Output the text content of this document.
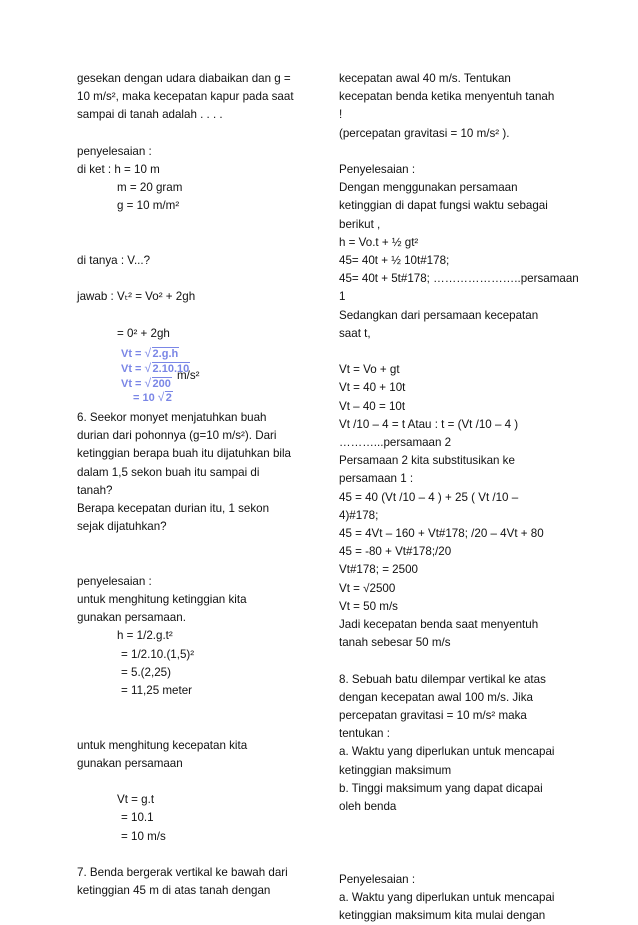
gesekan dengan udara diabaikan dan g =
10 m/s², maka kecepatan kapur pada saat
sampai di tanah adalah . . . .
penyelesaian :
di ket : h = 10 m
m = 20 gram
g = 10 m/m²
di tanya : V...?
jawab : Vₜ² = Vo² + 2gh
= 0² + 2gh
Vt = √ 2.g.h
Vt = √ 2.10.10
Vt = √ 200
= 10 √ 2
m/s²
6. Seekor monyet menjatuhkan buah
durian dari pohonnya (g=10 m/s²). Dari
ketinggian berapa buah itu dijatuhkan bila
dalam 1,5 sekon buah itu sampai di
tanah?
Berapa kecepatan durian itu, 1 sekon
sejak dijatuhkan?
penyelesaian :
untuk menghitung ketinggian kita
gunakan persamaan.
h = 1/2.g.t²
= 1/2.10.(1,5)²
= 5.(2,25)
= 11,25 meter
untuk menghitung kecepatan kita
gunakan persamaan
Vt = g.t
= 10.1
= 10 m/s
7. Benda bergerak vertikal ke bawah dari
ketinggian 45 m di atas tanah dengan
kecepatan awal 40 m/s. Tentukan
kecepatan benda ketika menyentuh tanah
!
(percepatan gravitasi = 10 m/s² ).
Penyelesaian :
Dengan menggunakan persamaan
ketinggian di dapat fungsi waktu sebagai
berikut ,
h = Vo.t + ½ gt²
45= 40t + ½ 10t#178;
45= 40t + 5t#178; …………………..persamaan
1
Sedangkan dari persamaan kecepatan
saat t,
Vt = Vo + gt
Vt = 40 + 10t
Vt – 40 = 10t
Vt /10 – 4 = t Atau : t = (Vt /10 – 4 )
………...persamaan 2
Persamaan 2 kita substitusikan ke
persamaan 1 :
45 = 40 (Vt /10 – 4 ) + 25 ( Vt /10 –
4)#178;
45 = 4Vt – 160 + Vt#178; /20 – 4Vt + 80
45 = -80 + Vt#178;/20
Vt#178; = 2500
Vt = √2500
Vt = 50 m/s
Jadi kecepatan benda saat menyentuh
tanah sebesar 50 m/s
8. Sebuah batu dilempar vertikal ke atas
dengan kecepatan awal 100 m/s. Jika
percepatan gravitasi = 10 m/s² maka
tentukan :
a. Waktu yang diperlukan untuk mencapai
ketinggian maksimum
b. Tinggi maksimum yang dapat dicapai
oleh benda
Penyelesaian :
a. Waktu yang diperlukan untuk mencapai
ketinggian maksimum kita mulai dengan
